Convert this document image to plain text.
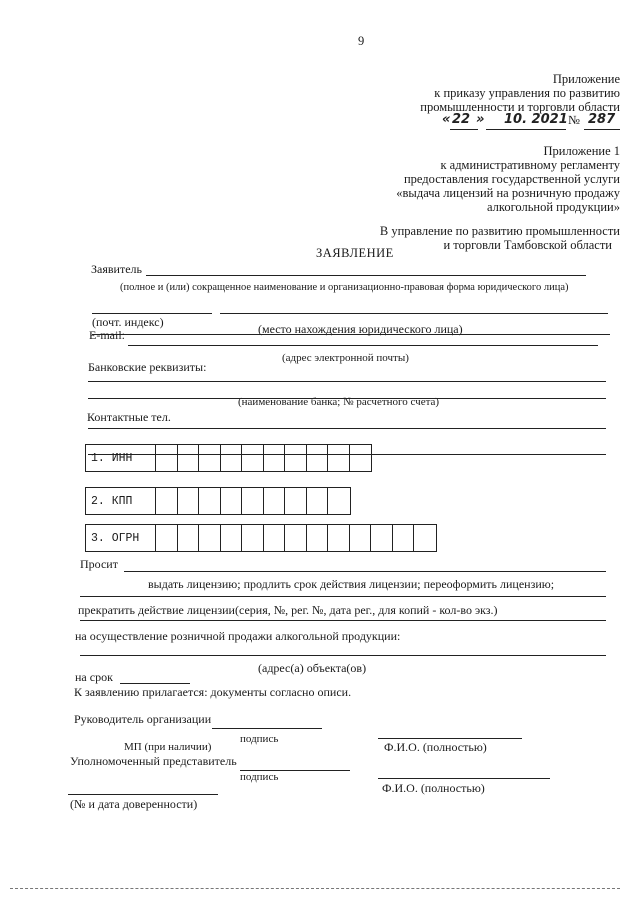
9
Приложение
к приказу управления по развитию
промышленности и торговли области
« 22 » 10. 2021 № 287
Приложение 1
к административному регламенту
предоставления государственной услуги
«выдача лицензий на розничную продажу
алкогольной продукции»
В управление по развитию промышленности
и торговли Тамбовской области
ЗАЯВЛЕНИЕ
Заявитель
(полное и (или) сокращенное наименование и организационно-правовая форма юридического лица)
(почт. индекс)	(место нахождения юридического лица)
E-mail:
(адрес электронной почты)
Банковские реквизиты:
(наименование банка; № расчетного счета)
Контактные тел.
1. ИНН
2. КПП
3. ОГРН
Просит
выдать лицензию; продлить срок действия лицензии; переоформить лицензию;
прекратить действие лицензии(серия, №, рег. №, дата рег., для копий - кол-во экз.)
на осуществление розничной продажи алкогольной продукции:
(адрес(а) объекта(ов)
на срок
К заявлению прилагается: документы согласно описи.
Руководитель организации
подпись
Ф.И.О. (полностью)
МП (при наличии)
Уполномоченный представитель
подпись
Ф.И.О. (полностью)
(№ и дата доверенности)
